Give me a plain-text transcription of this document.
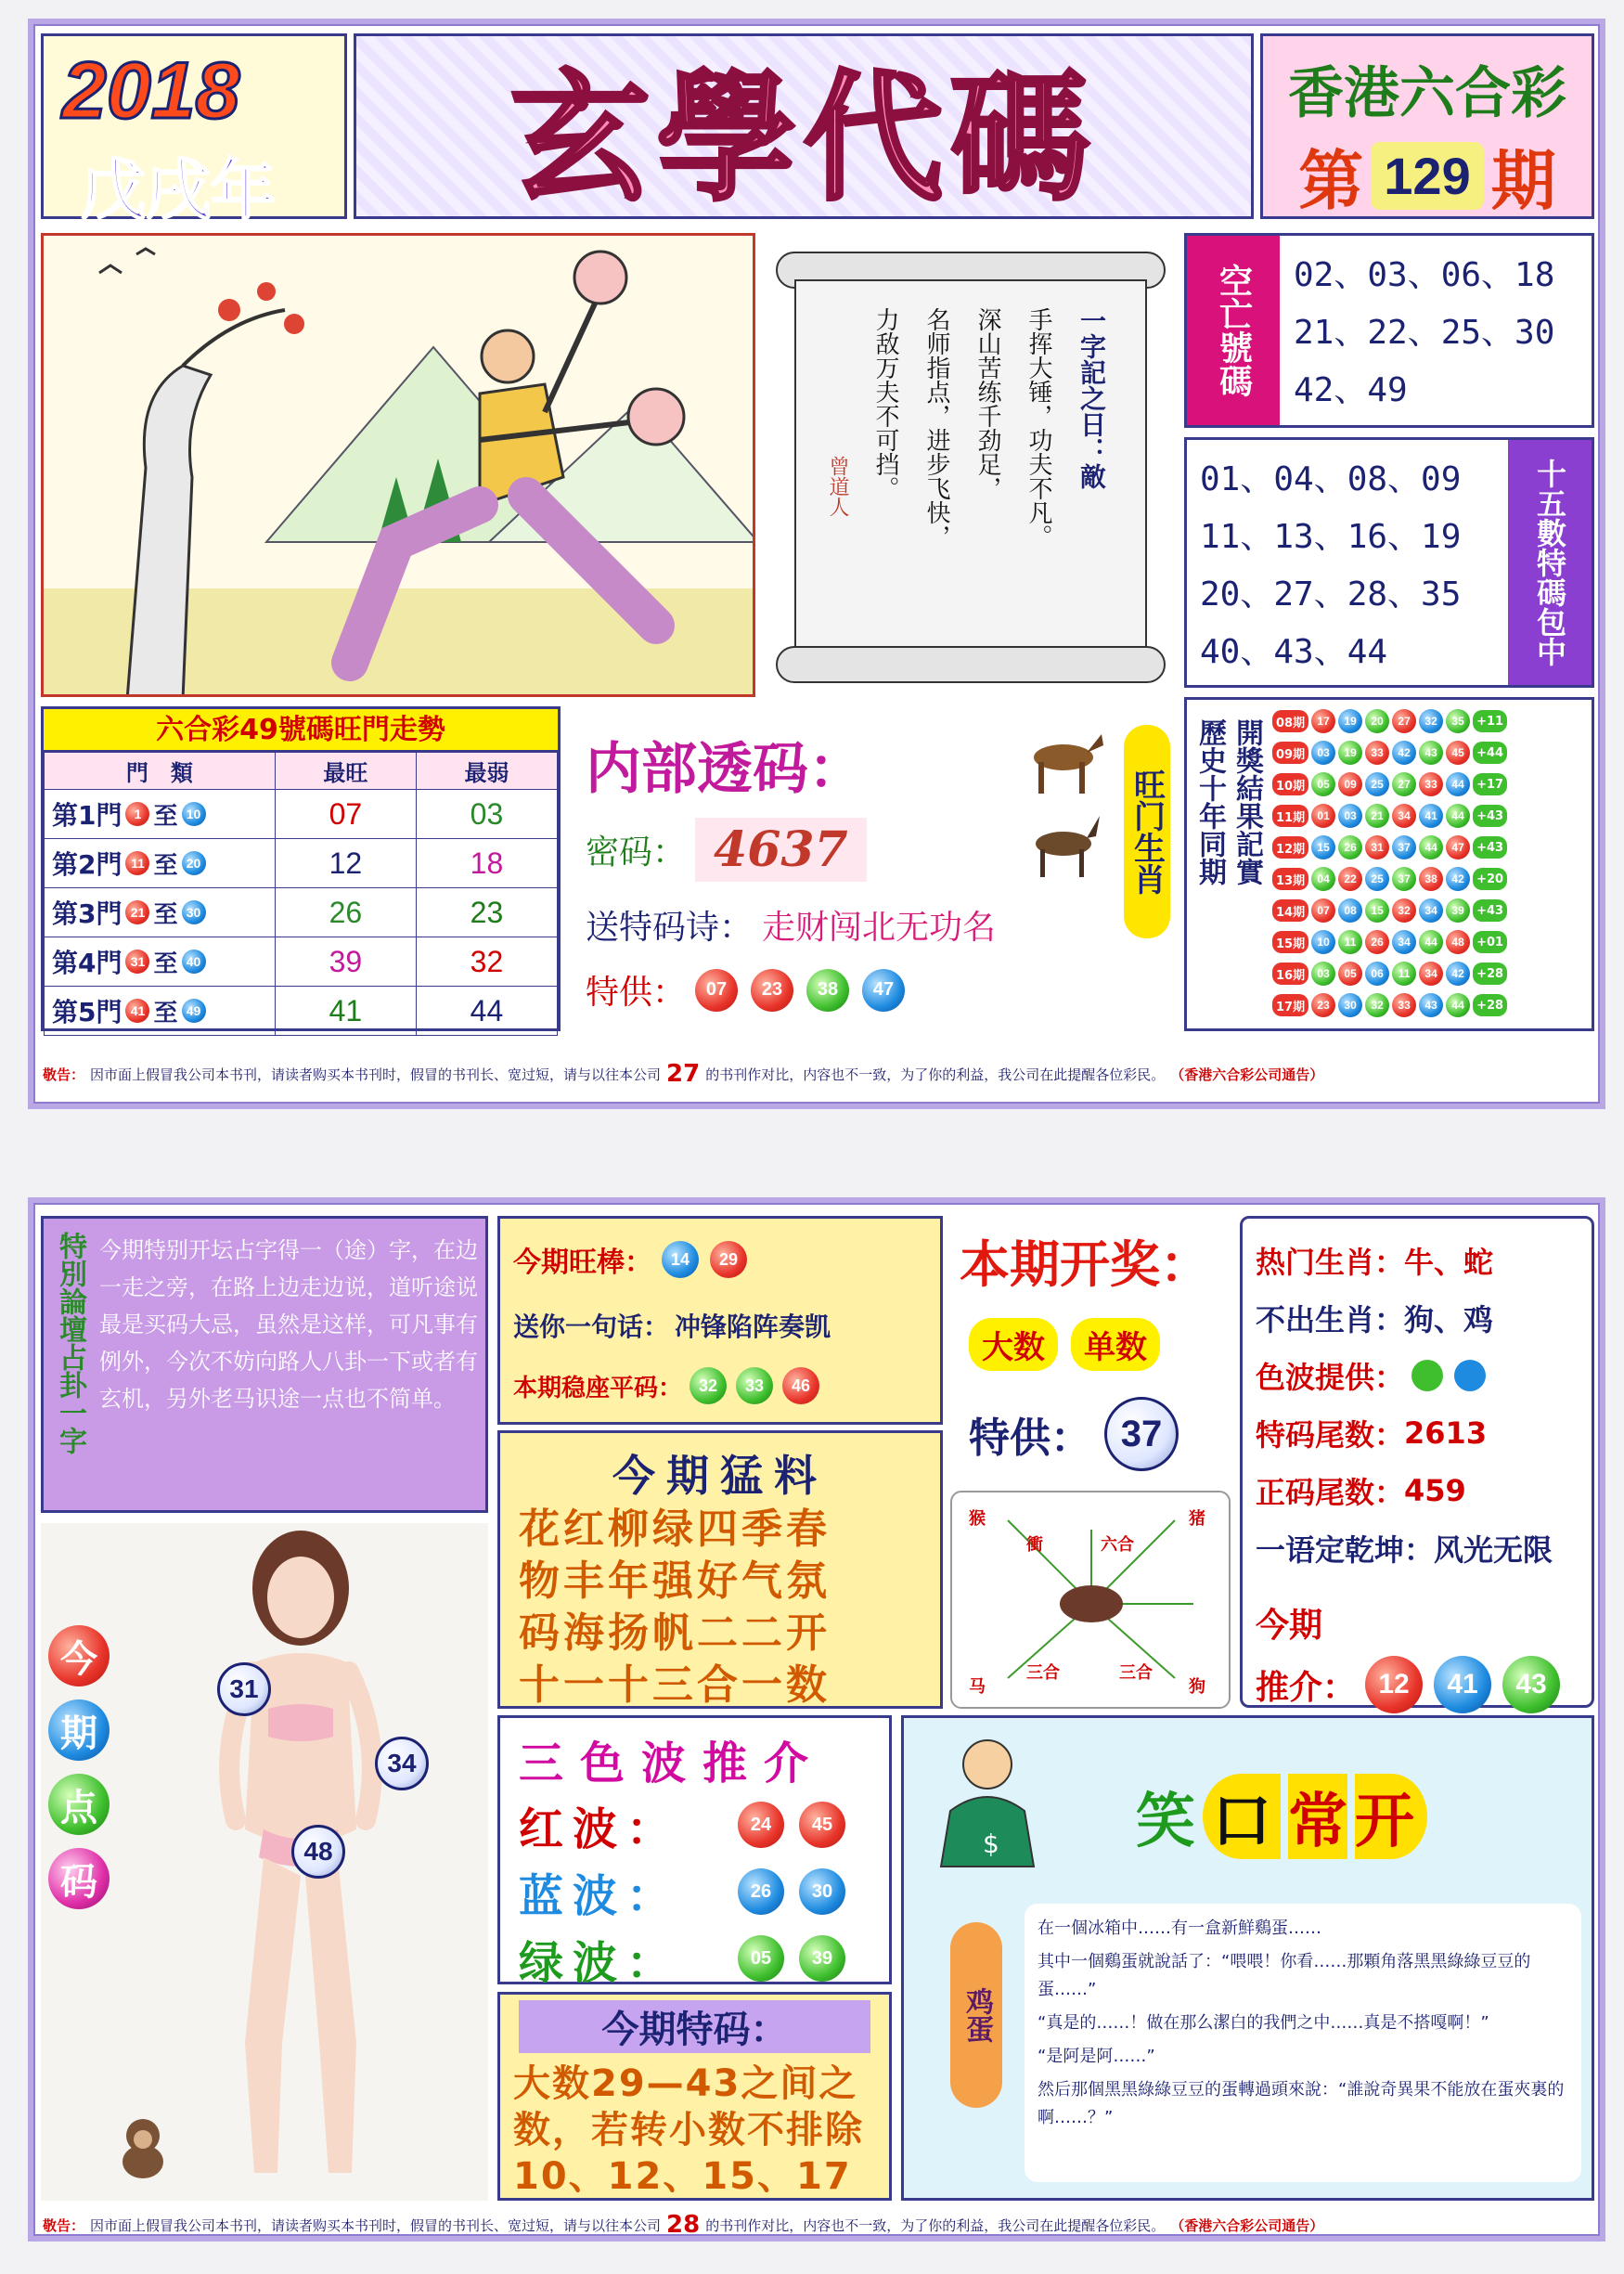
2018
戊戌年 玄學代碼	香港六合彩
第 129 期
一字記之日：敵
手挥大锤，功夫不凡。
深山苦练千劲足，
名师指点，进步飞快，
力敌万夫不可挡。
曾道人
空亡號碼	02、03、06、18
21、22、25、30
42、49
01、04、08、09
11、13、16、19
20、27、28、35
40、43、44	十五數特碼包中
六合彩49號碼旺門走勢
門　類	最旺	最弱

第1門 1 至 10	07	03

第2門 11 至 20	12	18

第3門 21 至 30	26	23

第4門 31 至 40	39	32

第5門 41 至 49	41	44
内部透码：
密码： 4637
送特码诗： 走财闯北无功名
特供：	07	23	38	47
旺门生肖 歷史十年同期 開獎結果記實	08期	17	19	20	27	32	35	+11
09期	03	19	33	42	43	45	+44
10期	05	09	25	27	33	44	+17
11期	01	03	21	34	41	44	+43
12期	15	26	31	37	44	47	+43
13期	04	22	25	37	38	42	+20
14期	07	08	15	32	34	39	+43
15期	10	11	26	34	44	48	+01
16期	03	05	06	11	34	42	+28
17期	23	30	32	33	43	44	+28
敬告： 因市面上假冒我公司本书刊，请读者购买本书刊时，假冒的书刊长、宽过短，请与以往本公司 27 的书刊作对比，内容也不一致，为了你的利益，我公司在此提醒各位彩民。 （香港六合彩公司通告）
特別論壇占卦一字 今期特别开坛占字得一（途）字，在边一走之旁，在路上边走边说，道听途说最是买码大忌，虽然是这样，可凡事有例外，今次不妨向路人八卦一下或者有玄机，另外老马识途一点也不简单。
今
期
点
码
31
34
48
今期旺棒：	14	29
送你一句话： 冲锋陷阵奏凯
本期稳座平码： 32	33	46
本期开奖：
大数	单数
特供： 37
热门生肖： 牛、蛇
不出生肖： 狗、鸡
色波提供：
特码尾数： 2613
正码尾数： 459
一语定乾坤： 风光无限
今期
推介： 12	41	43
今期猛料
花红柳绿四季春
物丰年强好气氛
码海扬帆二二开
十一十三合一数
猴
衝	六合
猪
马
三合	三合
狗
三色波推介
红波：	24	45
蓝波：	26	30
绿波：	05	39
今期特码：
大数29—43之间之数，若转小数不排除10、12、15、17
$ 笑 口 常 开
鸡蛋
在一個冰箱中……有一盒新鮮鷄蛋……
其中一個鷄蛋就說話了：“喂喂！你看……那顆角落黑黑綠綠豆豆的蛋……”
“真是的……！做在那么潔白的我們之中……真是不搭嘎啊！”
“是阿是阿……”
然后那個黑黑綠綠豆豆的蛋轉過頭來說：“誰說奇異果不能放在蛋夾裏的啊……？”
敬告： 因市面上假冒我公司本书刊，请读者购买本书刊时，假冒的书刊长、宽过短，请与以往本公司 28 的书刊作对比，内容也不一致，为了你的利益，我公司在此提醒各位彩民。 （香港六合彩公司通告）
